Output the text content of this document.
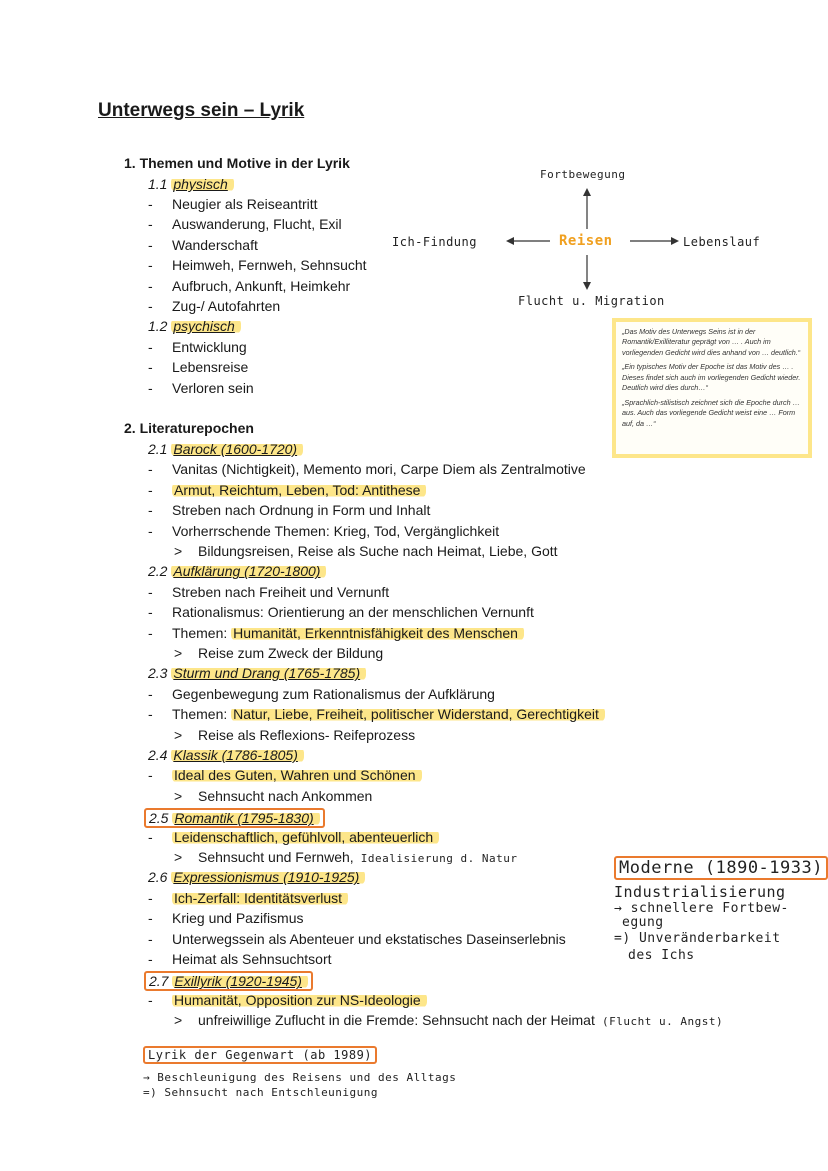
Unterwegs sein – Lyrik
1. Themen und Motive in der Lyrik
1.1 physisch
1.2 psychisch
Reisen
Fortbewegung
Ich-Findung	Lebenslauf
Flucht u. Migration

„Das Motiv des Unterwegs Seins ist in der Romantik/Exilliteratur geprägt von … . Auch im vorliegenden Gedicht wird dies anhand von … deutlich.“

„Ein typisches Motiv der Epoche ist das Motiv des … . Dieses findet sich auch im vorliegenden Gedicht wieder. Deutlich wird dies durch…“

„Sprachlich-stilistisch zeichnet sich die Epoche durch … aus. Auch das vorliegende Gedicht weist eine … Form auf, da …“

2. Literaturepochen
Moderne (1890-1933)
Lyrik der Gegenwart (ab 1989)
→ Beschleunigung des Reisens und des Alltags
=) Sehnsucht nach Entschleunigung
- Neugier als Reiseantritt
- Auswanderung, Flucht, Exil
- Wanderschaft
- Heimweh, Fernweh, Sehnsucht
- Aufbruch, Ankunft, Heimkehr
- Zug-/ Autofahrten
- Entwicklung
- Lebensreise
- Verloren sein
2.1 Barock (1600-1720)
- Vanitas (Nichtigkeit), Memento mori, Carpe Diem als Zentralmotive
- Armut, Reichtum, Leben, Tod: Antithese
- Streben nach Ordnung in Form und Inhalt
- Vorherrschende Themen: Krieg, Tod, Vergänglichkeit
> Bildungsreisen, Reise als Suche nach Heimat, Liebe, Gott
2.2 Aufklärung (1720-1800)
- Streben nach Freiheit und Vernunft
- Rationalismus: Orientierung an der menschlichen Vernunft
- Themen: Humanität, Erkenntnisfähigkeit des Menschen
> Reise zum Zweck der Bildung
2.3 Sturm und Drang (1765-1785)
- Gegenbewegung zum Rationalismus der Aufklärung
- Themen: Natur, Liebe, Freiheit, politischer Widerstand, Gerechtigkeit
> Reise als Reflexions- Reifeprozess
2.4 Klassik (1786-1805)
- Ideal des Guten, Wahren und Schönen
> Sehnsucht nach Ankommen
2.5 Romantik (1795-1830)
- Leidenschaftlich, gefühlvoll, abenteuerlich
> Sehnsucht und Fernweh, Idealisierung d. Natur
2.6 Expressionismus (1910-1925)
- Ich-Zerfall: Identitätsverlust
- Krieg und Pazifismus
- Unterwegssein als Abenteuer und ekstatisches Daseinserlebnis
- Heimat als Sehnsuchtsort
2.7 Exillyrik (1920-1945)
- Humanität, Opposition zur NS-Ideologie
> unfreiwillige Zuflucht in die Fremde: Sehnsucht nach der Heimat (Flucht u. Angst)
Industrialisierung
→ schnellere Fortbew-
egung
=) Unveränderbarkeit
des Ichs
